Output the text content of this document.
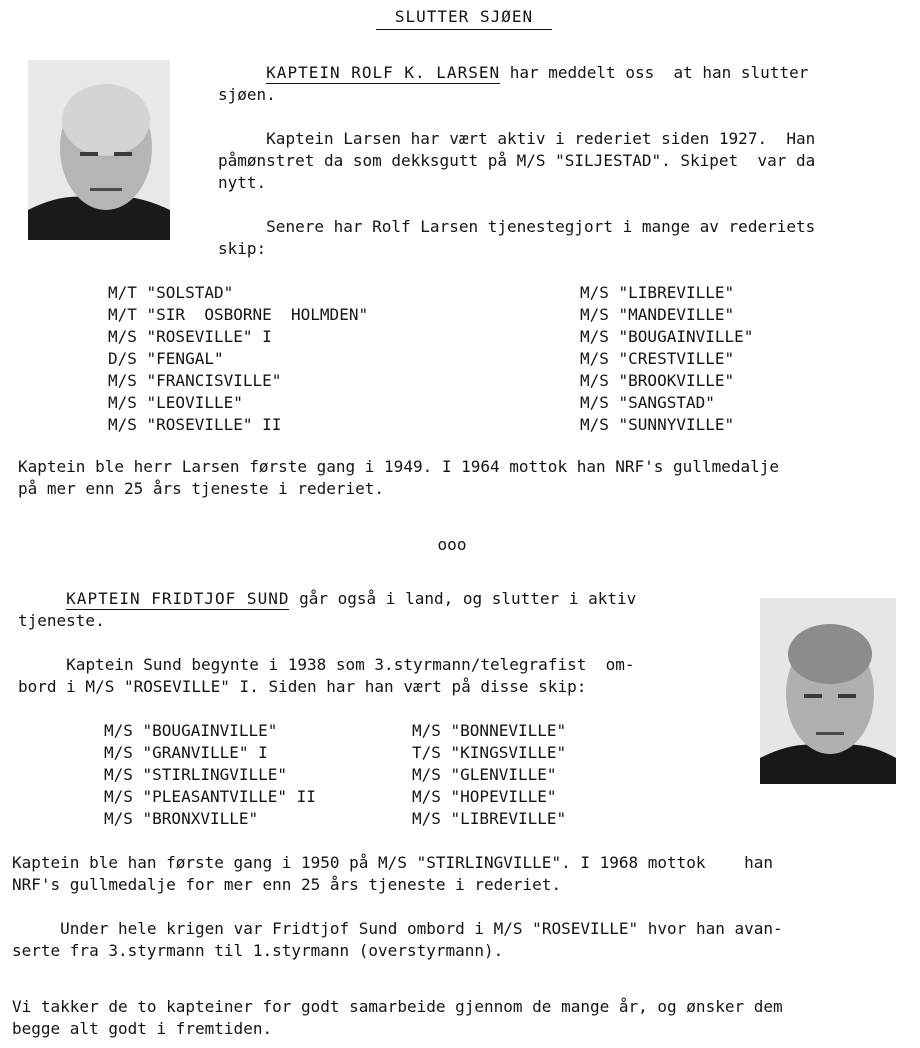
SLUTTER SJØEN
KAPTEIN ROLF K. LARSEN har meddelt oss  at han slutter
sjøen.
Kaptein Larsen har vært aktiv i rederiet siden 1927.  Han
påmønstret da som dekksgutt på M/S "SILJESTAD". Skipet  var da
nytt.
Senere har Rolf Larsen tjenestegjort i mange av rederiets
skip:
M/T "SOLSTAD"
M/T "SIR  OSBORNE  HOLMDEN"
M/S "ROSEVILLE" I
D/S "FENGAL"
M/S "FRANCISVILLE"
M/S "LEOVILLE"
M/S "ROSEVILLE" II
M/S "LIBREVILLE"
M/S "MANDEVILLE"
M/S "BOUGAINVILLE"
M/S "CRESTVILLE"
M/S "BROOKVILLE"
M/S "SANGSTAD"
M/S "SUNNYVILLE"
Kaptein ble herr Larsen første gang i 1949. I 1964 mottok han NRF's gullmedalje
på mer enn 25 års tjeneste i rederiet.
ooo
KAPTEIN FRIDTJOF SUND går også i land, og slutter i aktiv
tjeneste.
Kaptein Sund begynte i 1938 som 3.styrmann/telegrafist  om-
bord i M/S "ROSEVILLE" I. Siden har han vært på disse skip:
M/S "BOUGAINVILLE"
M/S "GRANVILLE" I
M/S "STIRLINGVILLE"
M/S "PLEASANTVILLE" II
M/S "BRONXVILLE"
M/S "BONNEVILLE"
T/S "KINGSVILLE"
M/S "GLENVILLE"
M/S "HOPEVILLE"
M/S "LIBREVILLE"
Kaptein ble han første gang i 1950 på M/S "STIRLINGVILLE". I 1968 mottok    han
NRF's gullmedalje for mer enn 25 års tjeneste i rederiet.
Under hele krigen var Fridtjof Sund ombord i M/S "ROSEVILLE" hvor han avan-
serte fra 3.styrmann til 1.styrmann (overstyrmann).
Vi takker de to kapteiner for godt samarbeide gjennom de mange år, og ønsker dem
begge alt godt i fremtiden.
